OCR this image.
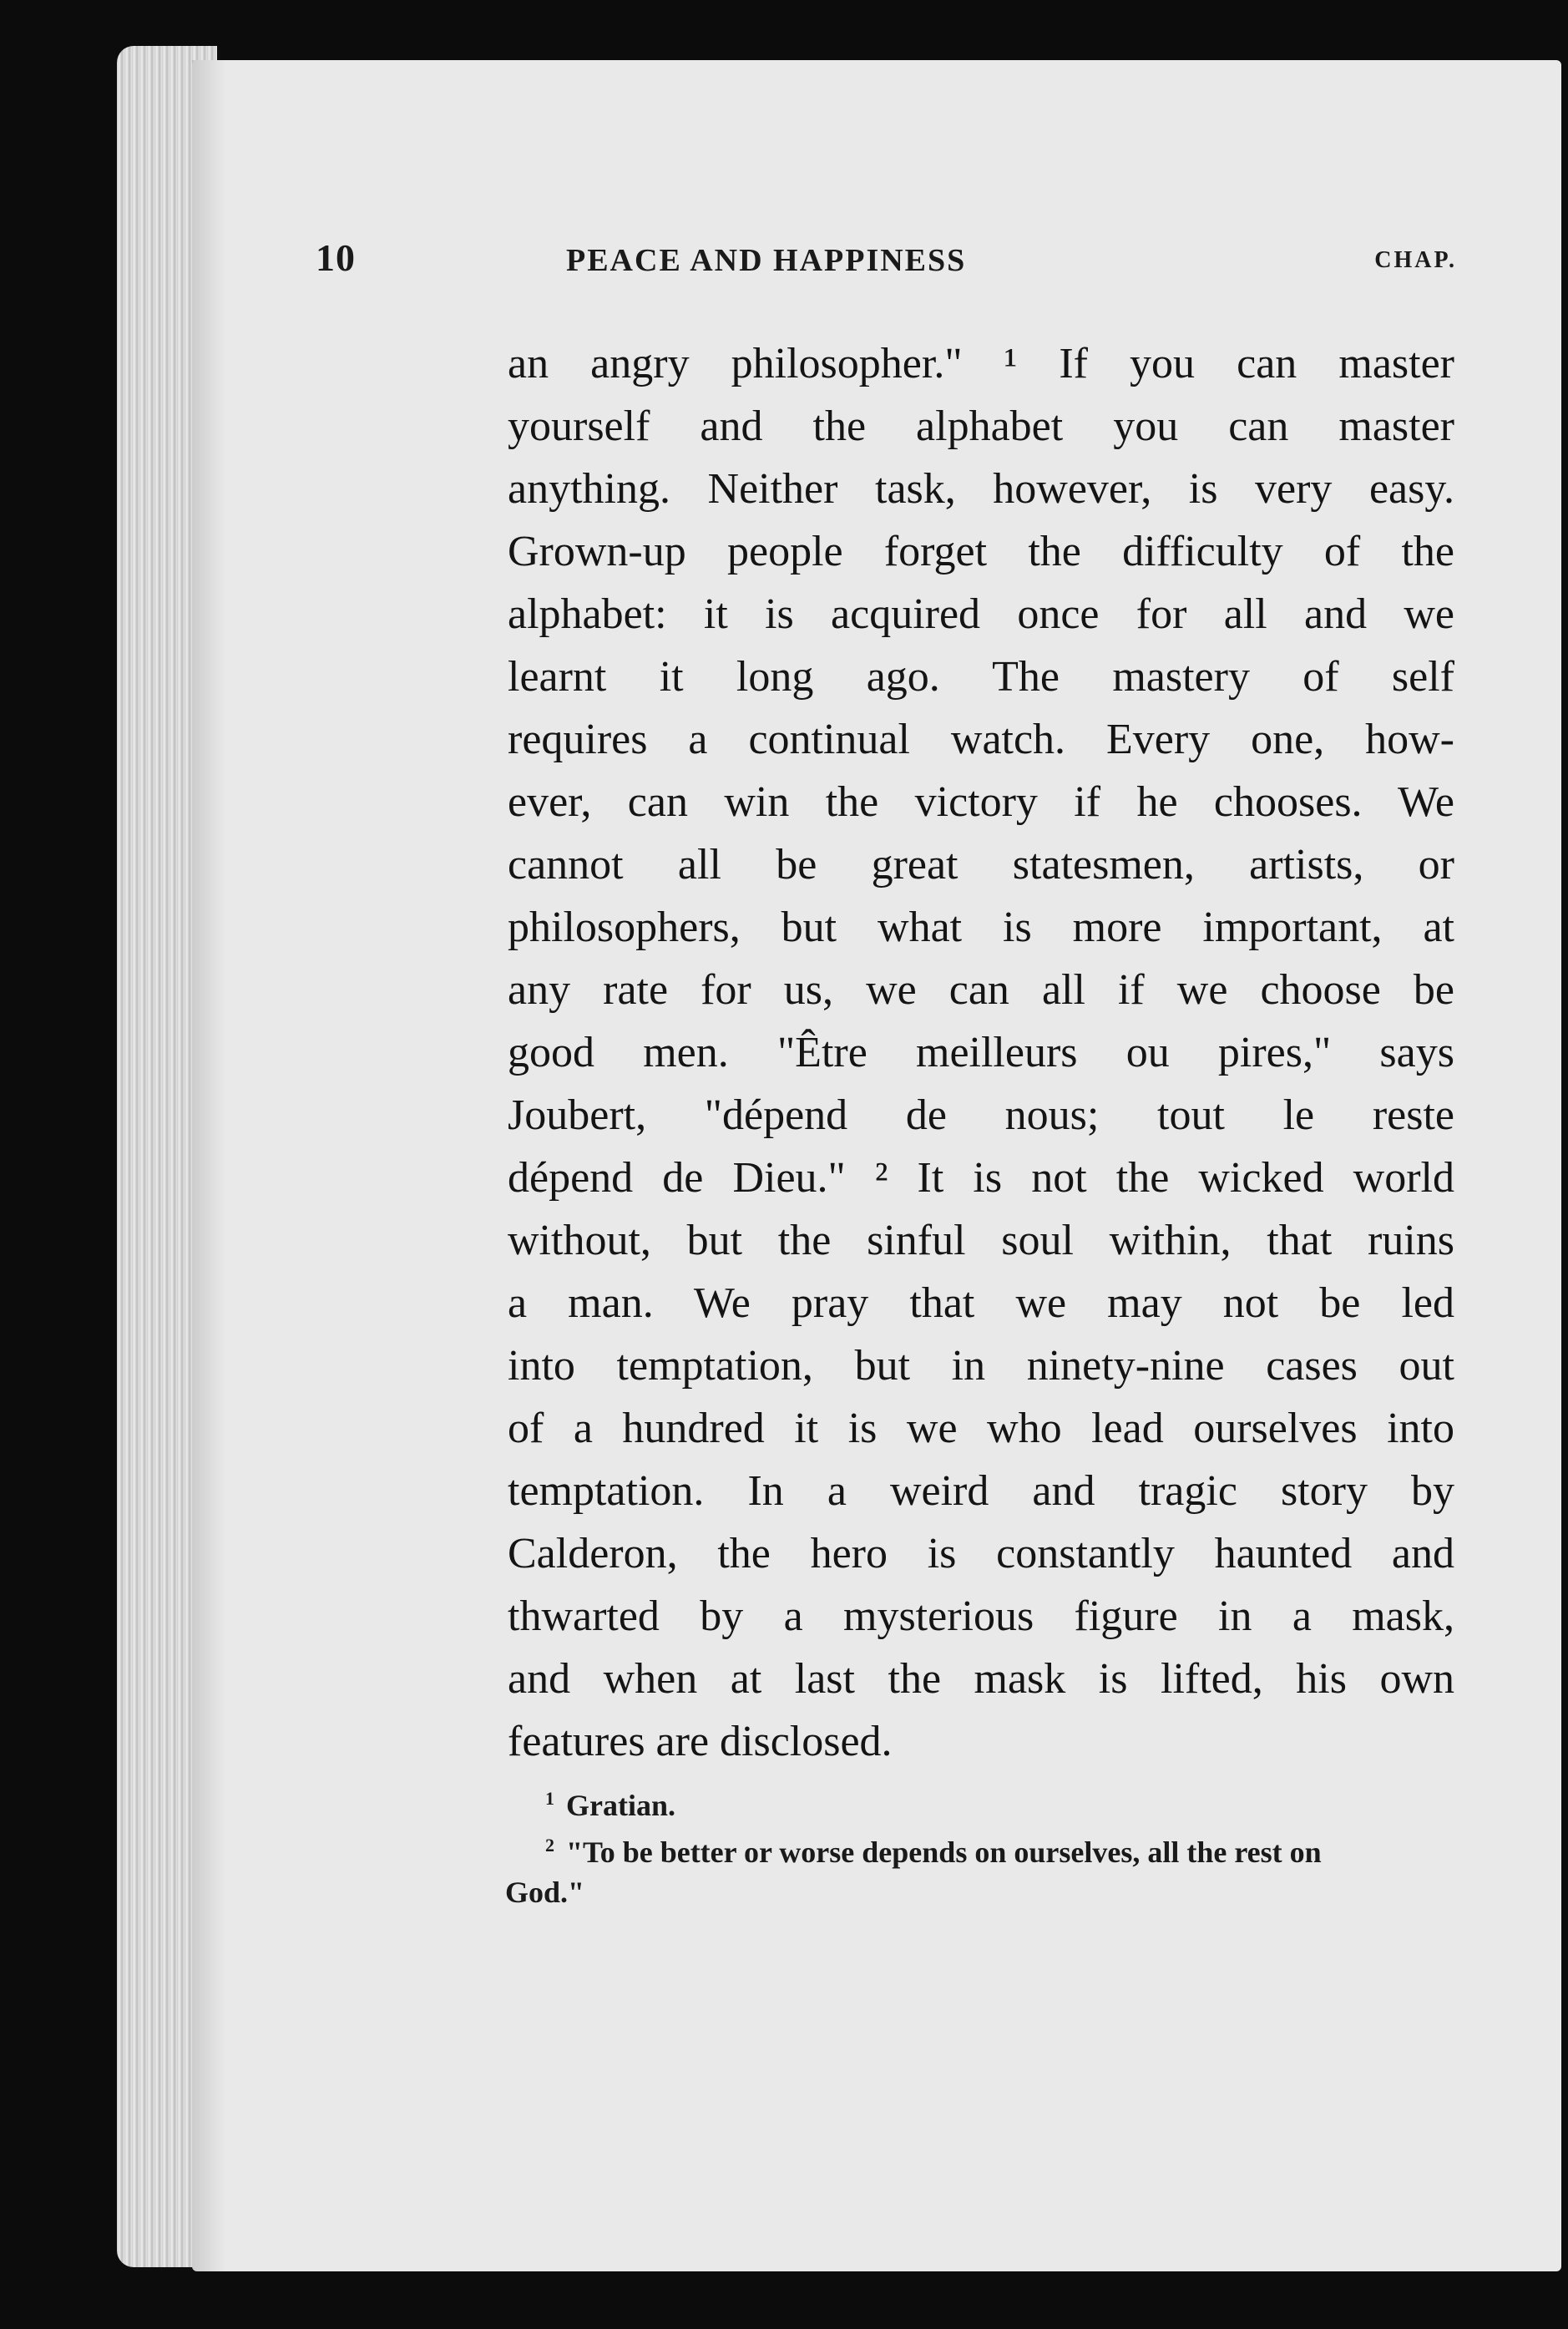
10	PEACE AND HAPPINESS	CHAP.
an angry philosopher." ¹ If you can master
yourself and the alphabet you can master
anything. Neither task, however, is very easy.
Grown-up people forget the difficulty of the
alphabet: it is acquired once for all and we
learnt it long ago. The mastery of self
requires a continual watch. Every one, how-
ever, can win the victory if he chooses. We
cannot all be great statesmen, artists, or
philosophers, but what is more important, at
any rate for us, we can all if we choose be
good men. "Être meilleurs ou pires," says
Joubert, "dépend de nous; tout le reste
dépend de Dieu." ² It is not the wicked world
without, but the sinful soul within, that ruins
a man. We pray that we may not be led
into temptation, but in ninety-nine cases out
of a hundred it is we who lead ourselves into
temptation. In a weird and tragic story by
Calderon, the hero is constantly haunted and
thwarted by a mysterious figure in a mask,
and when at last the mask is lifted, his own
features are disclosed.
$^1$ Gratian.
$^2$ "To be better or worse depends on ourselves, all the rest on
God."
